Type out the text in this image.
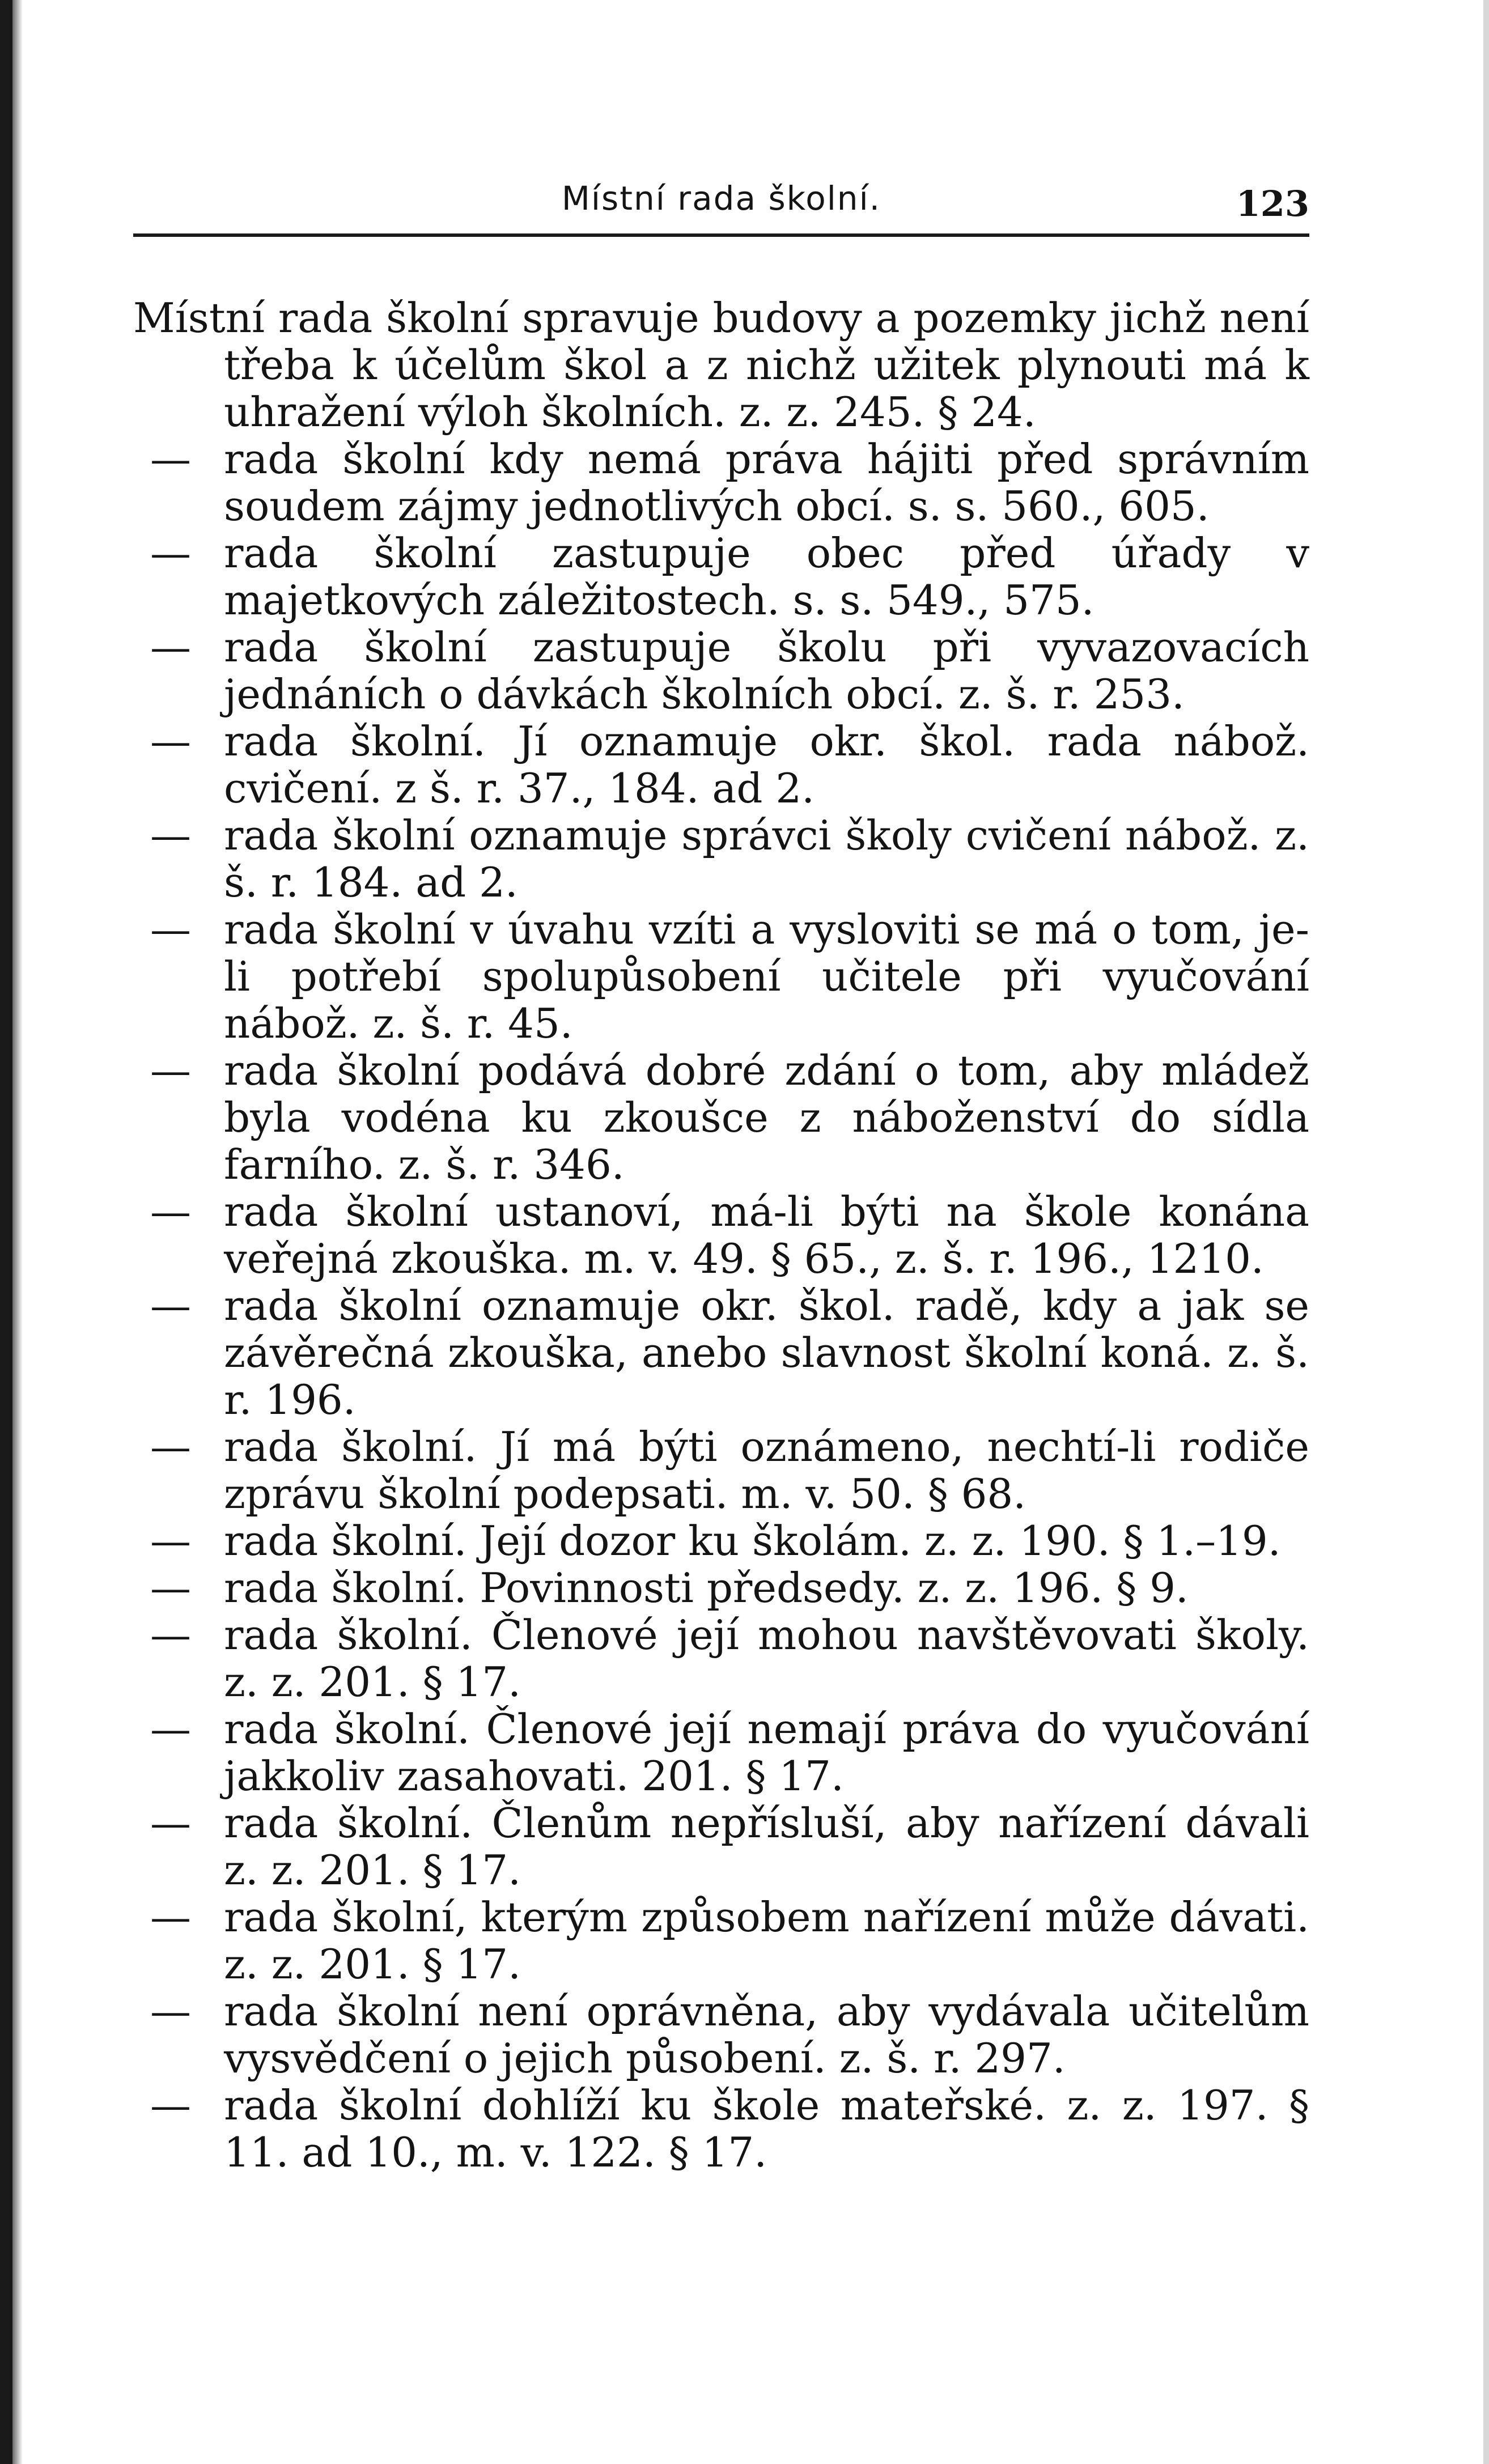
Místní rada školní.	123
Místní rada školní spravuje budovy a pozemky jichž není třeba k účelům škol a z nichž užitek plynouti má k uhražení výloh školních. z. z. 245. § 24.
— rada školní kdy nemá práva hájiti před správním soudem zájmy jednotlivých obcí. s. s. 560., 605.
— rada školní zastupuje obec před úřady v majetkových záležitostech. s. s. 549., 575.
— rada školní zastupuje školu při vyvazovacích jednáních o dávkách školních obcí. z. š. r. 253.
— rada školní. Jí oznamuje okr. škol. rada nábož. cvičení. z š. r. 37., 184. ad 2.
— rada školní oznamuje správci školy cvičení nábož. z. š. r. 184. ad 2.
— rada školní v úvahu vzíti a vysloviti se má o tom, je-li potřebí spolupůsobení učitele při vyučování nábož. z. š. r. 45.
— rada školní podává dobré zdání o tom, aby mládež byla vodéna ku zkoušce z náboženství do sídla farního. z. š. r. 346.
— rada školní ustanoví, má-li býti na škole konána veřejná zkouška. m. v. 49. § 65., z. š. r. 196., 1210.
— rada školní oznamuje okr. škol. radě, kdy a jak se závěrečná zkouška, anebo slavnost školní koná. z. š. r. 196.
— rada školní. Jí má býti oznámeno, nechtí-li rodiče zprávu školní podepsati. m. v. 50. § 68.
— rada školní. Její dozor ku školám. z. z. 190. § 1.–19.
— rada školní. Povinnosti předsedy. z. z. 196. § 9.
— rada školní. Členové její mohou navštěvovati školy. z. z. 201. § 17.
— rada školní. Členové její nemají práva do vyučování jakkoliv zasahovati. 201. § 17.
— rada školní. Členům nepřísluší, aby nařízení dávali z. z. 201. § 17.
— rada školní, kterým způsobem nařízení může dávati. z. z. 201. § 17.
— rada školní není oprávněna, aby vydávala učitelům vysvědčení o jejich působení. z. š. r. 297.
— rada školní dohlíží ku škole mateřské. z. z. 197. § 11. ad 10., m. v. 122. § 17.
